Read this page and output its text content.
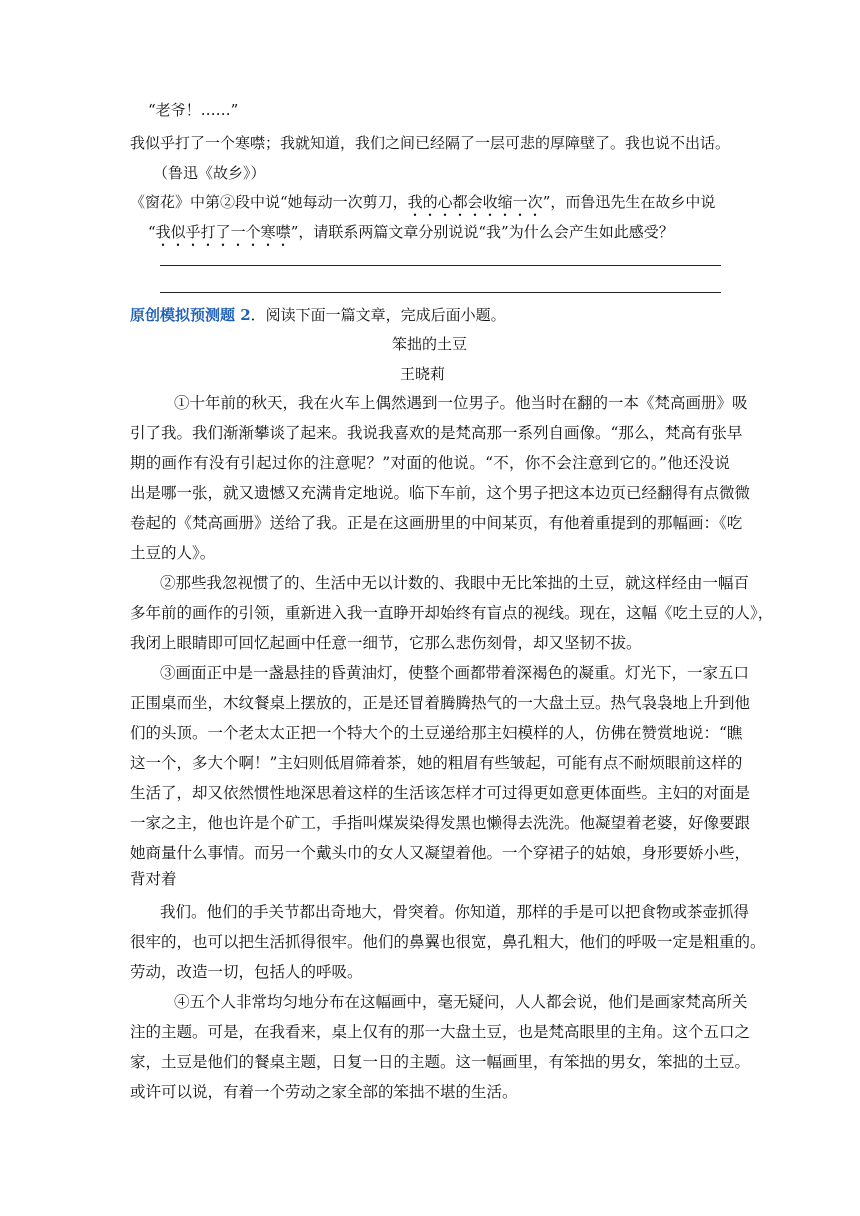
“老爷！……”
我似乎打了一个寒噤；我就知道，我们之间已经隔了一层可悲的厚障壁了。我也说不出话。
（鲁迅《故乡》）
《窗花》中第②段中说“她每动一次剪刀，我的心都会收缩一次”，而鲁迅先生在故乡中说
“我似乎打了一个寒噤”，请联系两篇文章分别说说“我”为什么会产生如此感受？
原创模拟预测题 2．阅读下面一篇文章，完成后面小题。
笨拙的土豆
王晓莉
①十年前的秋天，我在火车上偶然遇到一位男子。他当时在翻的一本《梵高画册》吸
引了我。我们渐渐攀谈了起来。我说我喜欢的是梵高那一系列自画像。“那么，梵高有张早
期的画作有没有引起过你的注意呢？”对面的他说。“不，你不会注意到它的。”他还没说
出是哪一张，就又遗憾又充满肯定地说。临下车前，这个男子把这本边页已经翻得有点微微
卷起的《梵高画册》送给了我。正是在这画册里的中间某页，有他着重提到的那幅画：《吃
土豆的人》。
②那些我忽视惯了的、生活中无以计数的、我眼中无比笨拙的土豆，就这样经由一幅百
多年前的画作的引领，重新进入我一直睁开却始终有盲点的视线。现在，这幅《吃土豆的人》，
我闭上眼睛即可回忆起画中任意一细节，它那么悲伤刻骨，却又坚韧不拔。
③画面正中是一盏悬挂的昏黄油灯，使整个画都带着深褐色的凝重。灯光下，一家五口
正围桌而坐，木纹餐桌上摆放的，正是还冒着腾腾热气的一大盘土豆。热气袅袅地上升到他
们的头顶。一个老太太正把一个特大个的土豆递给那主妇模样的人，仿佛在赞赏地说：“瞧
这一个，多大个啊！”主妇则低眉筛着茶，她的粗眉有些皱起，可能有点不耐烦眼前这样的
生活了，却又依然惯性地深思着这样的生活该怎样才可过得更如意更体面些。主妇的对面是
一家之主，他也许是个矿工，手指叫煤炭染得发黑也懒得去洗洗。他凝望着老婆，好像要跟
她商量什么事情。而另一个戴头巾的女人又凝望着他。一个穿裙子的姑娘，身形要娇小些，
背对着
我们。他们的手关节都出奇地大，骨突着。你知道，那样的手是可以把食物或茶壶抓得
很牢的，也可以把生活抓得很牢。他们的鼻翼也很宽，鼻孔粗大，他们的呼吸一定是粗重的。
劳动，改造一切，包括人的呼吸。
④五个人非常均匀地分布在这幅画中，毫无疑问，人人都会说，他们是画家梵高所关
注的主题。可是，在我看来，桌上仅有的那一大盘土豆，也是梵高眼里的主角。这个五口之
家，土豆是他们的餐桌主题，日复一日的主题。这一幅画里，有笨拙的男女，笨拙的土豆。
或许可以说，有着一个劳动之家全部的笨拙不堪的生活。
